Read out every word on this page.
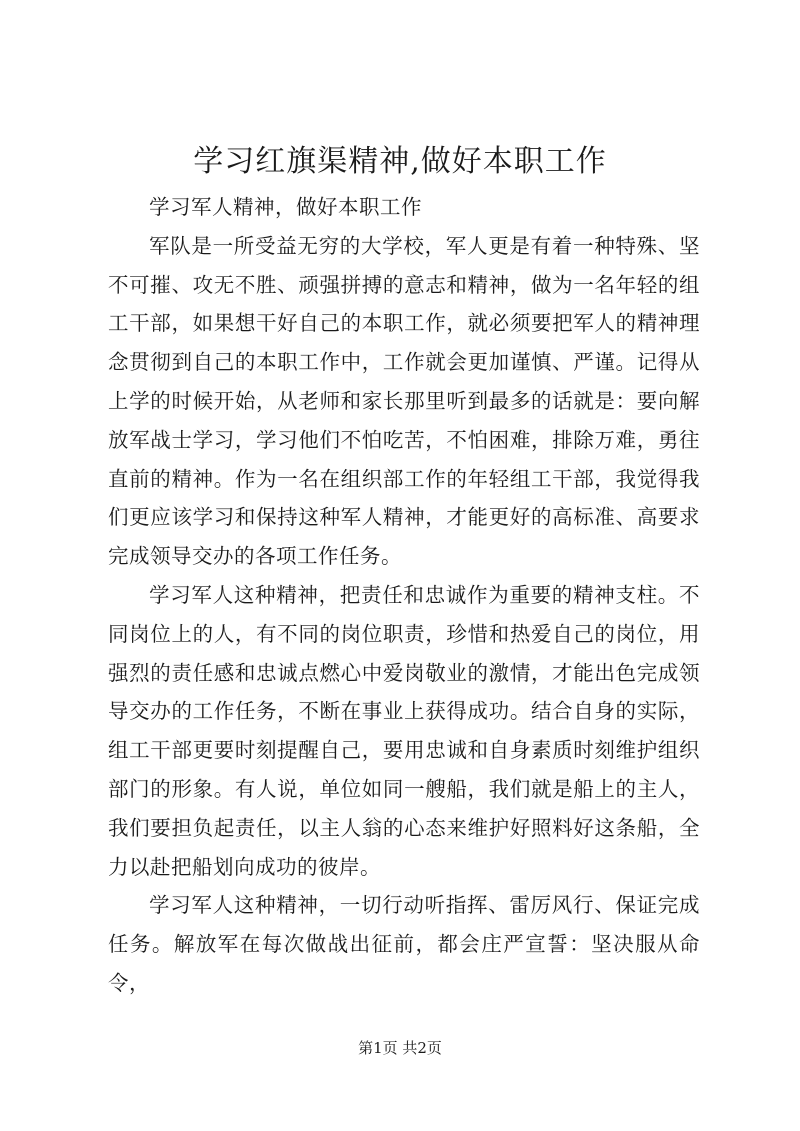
学习红旗渠精神,做好本职工作

学习军人精神，做好本职工作

军队是一所受益无穷的大学校，军人更是有着一种特殊、坚不可摧、攻无不胜、顽强拼搏的意志和精神，做为一名年轻的组工干部，如果想干好自己的本职工作，就必须要把军人的精神理念贯彻到自己的本职工作中，工作就会更加谨慎、严谨。记得从上学的时候开始，从老师和家长那里听到最多的话就是：要向解放军战士学习，学习他们不怕吃苦，不怕困难，排除万难，勇往直前的精神。作为一名在组织部工作的年轻组工干部，我觉得我们更应该学习和保持这种军人精神，才能更好的高标准、高要求完成领导交办的各项工作任务。

学习军人这种精神，把责任和忠诚作为重要的精神支柱。不同岗位上的人，有不同的岗位职责，珍惜和热爱自己的岗位，用强烈的责任感和忠诚点燃心中爱岗敬业的激情，才能出色完成领导交办的工作任务，不断在事业上获得成功。结合自身的实际，组工干部更要时刻提醒自己，要用忠诚和自身素质时刻维护组织部门的形象。有人说，单位如同一艘船，我们就是船上的主人，我们要担负起责任，以主人翁的心态来维护好照料好这条船，全力以赴把船划向成功的彼岸。

学习军人这种精神，一切行动听指挥、雷厉风行、保证完成任务。解放军在每次做战出征前，都会庄严宣誓：坚决服从命令，

第1页 共2页
